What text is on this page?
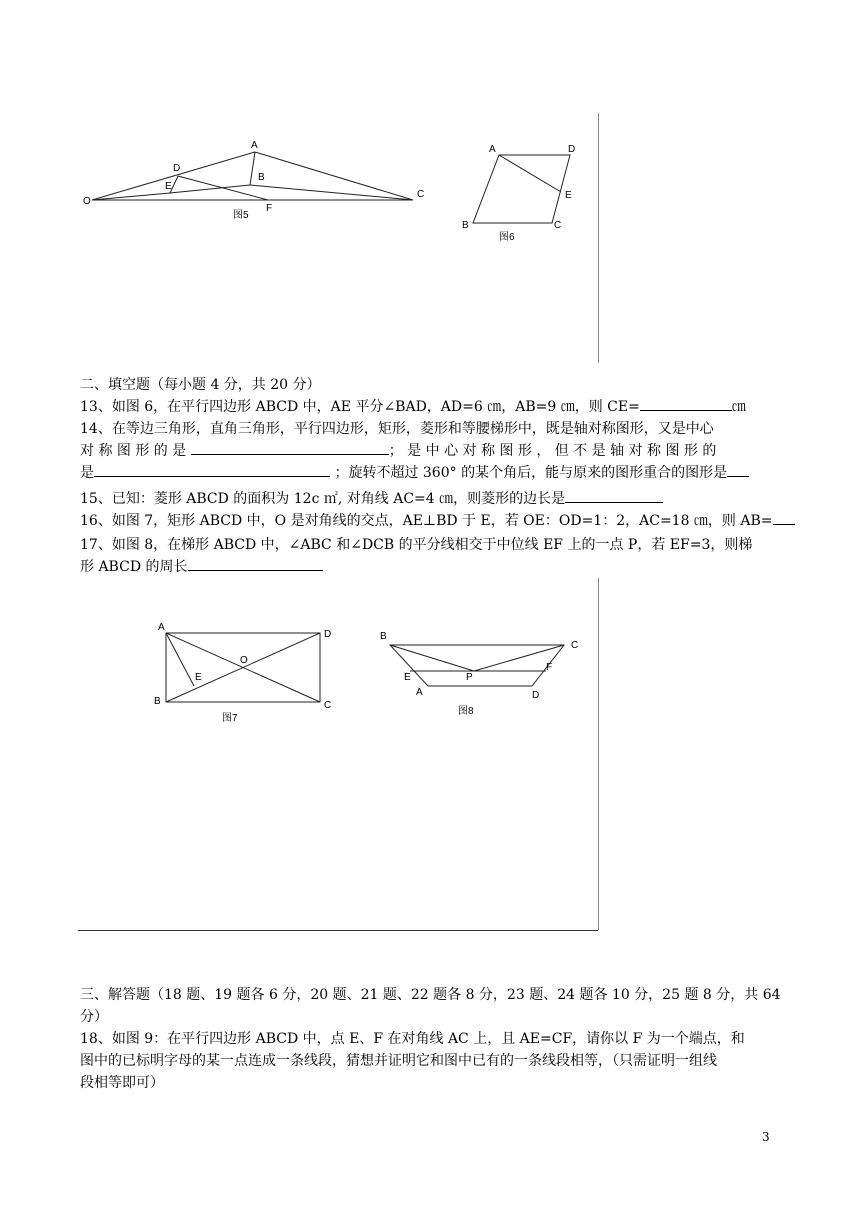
A
B
C
D
E
F
O
图5
A
B	C
D
E
图6
二、填空题（每小题 4 分，共 20 分）
13、如图 6，在平行四边形 ABCD 中，AE 平分∠BAD，AD=6 ㎝，AB=9 ㎝，则 CE=	㎝
14、在等边三角形，直角三角形，平行四边形，矩形，菱形和等腰梯形中，既是轴对称图形，又是中心
对 称 图 形 的 是	； 是 中 心 对 称 图 形 ， 但 不 是 轴 对 称 图 形 的
是	；旋转不超过 360° 的某个角后，能与原来的图形重合的图形是
15、已知：菱形 ABCD 的面积为 12c ㎡, 对角线 AC=4 ㎝，则菱形的边长是
16、如图 7，矩形 ABCD 中，O 是对角线的交点，AE⊥BD 于 E，若 OE：OD=1：2，AC=18 ㎝，则 AB=
17、如图 8，在梯形 ABCD 中，∠ABC 和∠DCB 的平分线相交于中位线 EF 上的一点 P，若 EF=3，则梯
形 ABCD 的周长
A
B	C
D
E
O
图7
A
B
C
D
E
F
P
图8
三、解答题（18 题、19 题各 6 分，20 题、21 题、22 题各 8 分，23 题、24 题各 10 分，25 题 8 分，共 64
分）
18、如图 9：在平行四边形 ABCD 中，点 E、F 在对角线 AC 上，且 AE=CF，请你以 F 为一个端点，和
图中的已标明字母的某一点连成一条线段，猜想并证明它和图中已有的一条线段相等，（只需证明一组线
段相等即可）
3
